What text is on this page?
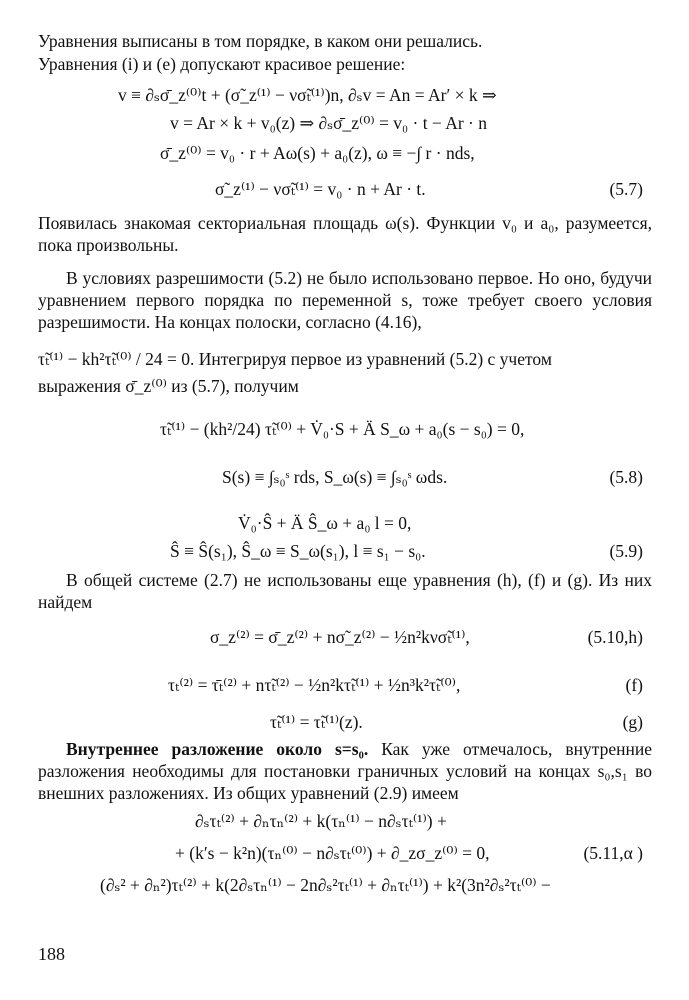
Уравнения выписаны в том порядке, в каком они решались.

Уравнения (i) и (e) допускают красивое решение:

v ≡ ∂ₛσ̄_z⁽⁰⁾t + (σ̃_z⁽¹⁾ − νσ̃ₜ⁽¹⁾)n, ∂ₛv = An = Ar′ × k ⇒
v = Ar × k + v₀(z) ⇒ ∂ₛσ̄_z⁽⁰⁾ = v₀ · t − Ar · n
σ̄_z⁽⁰⁾ = v₀ · r + Aω(s) + a₀(z), ω ≡ −∫ r · nds,
σ̃_z⁽¹⁾ − νσ̃ₜ⁽¹⁾ = v₀ · n + Ar · t.	(5.7)

Появилась знакомая секториальная площадь ω(s). Функции v₀ и a₀, разумеется, пока произвольны.

В условиях разрешимости (5.2) не было использовано первое. Но оно, будучи уравнением первого порядка по переменной s, тоже требует своего условия разрешимости. На концах полоски, согласно (4.16),

τ̃ₜ⁽¹⁾ − kh²τ̃ₜ⁽⁰⁾ / 24 = 0. Интегрируя первое из уравнений (5.2) с учетом

выражения σ̄_z⁽⁰⁾ из (5.7), получим

τ̃ₜ⁽¹⁾ − (kh²/24) τ̃ₜ⁽⁰⁾ + V̇₀·S + Ä S_ω + a₀(s − s₀) = 0,
S(s) ≡ ∫ₛ₀ˢ rds, S_ω(s) ≡ ∫ₛ₀ˢ ωds.	(5.8)
V̇₀·Ŝ + Ä Ŝ_ω + a₀ l = 0,
Ŝ ≡ Ŝ(s₁), Ŝ_ω ≡ S_ω(s₁), l ≡ s₁ − s₀.	(5.9)

В общей системе (2.7) не использованы еще уравнения (h), (f) и (g). Из них найдем

σ_z⁽²⁾ = σ̄_z⁽²⁾ + nσ̃_z⁽²⁾ − ½n²kνσ̃ₜ⁽¹⁾,	(5.10,h)
τₜ⁽²⁾ = τ̄ₜ⁽²⁾ + nτ̃ₜ⁽²⁾ − ½n²kτ̃ₜ⁽¹⁾ + ½n³k²τ̃ₜ⁽⁰⁾,	(f)
τ̃ₜ⁽¹⁾ = τ̃ₜ⁽¹⁾(z).	(g)

Внутреннее разложение около s=s₀. Как уже отмечалось, внутренние разложения необходимы для постановки граничных условий на концах s₀,s₁ во внешних разложениях. Из общих уравнений (2.9) имеем

∂ₛτₜ⁽²⁾ + ∂ₙτₙ⁽²⁾ + k(τₙ⁽¹⁾ − n∂ₛτₜ⁽¹⁾) +
+ (k′s − k²n)(τₙ⁽⁰⁾ − n∂ₛτₜ⁽⁰⁾) + ∂_zσ_z⁽⁰⁾ = 0,	(5.11,α )
(∂ₛ² + ∂ₙ²)τₜ⁽²⁾ + k(2∂ₛτₙ⁽¹⁾ − 2n∂ₛ²τₜ⁽¹⁾ + ∂ₙτₜ⁽¹⁾) + k²(3n²∂ₛ²τₜ⁽⁰⁾ −
188
